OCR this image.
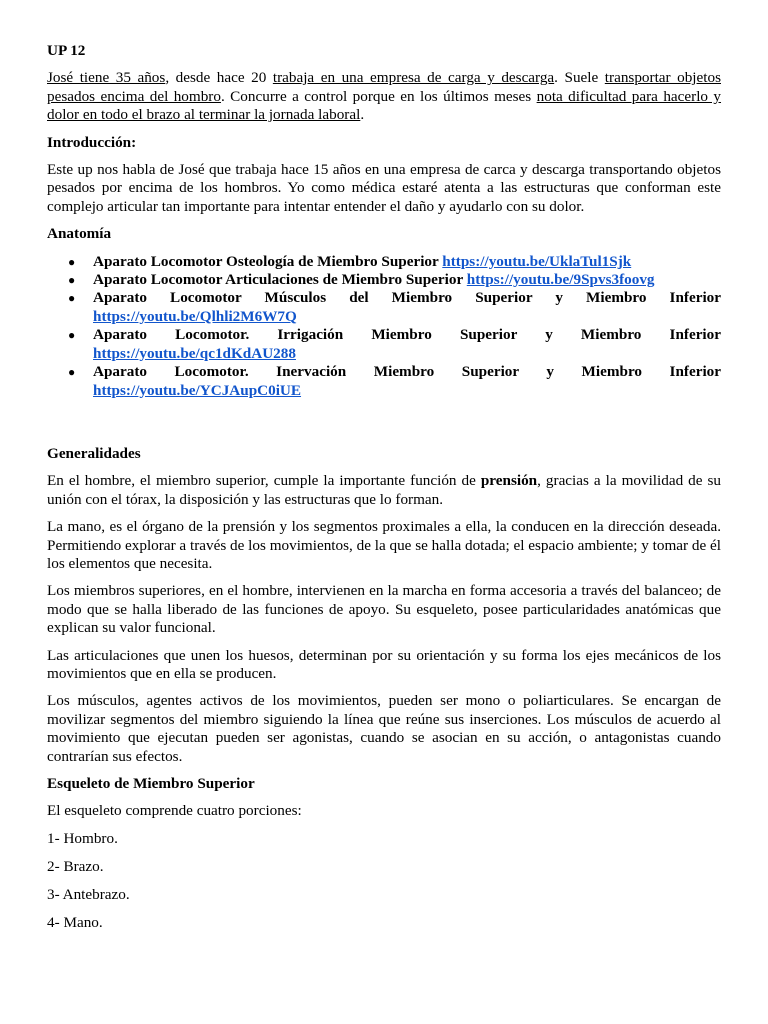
UP 12

José tiene 35 años, desde hace 20 trabaja en una empresa de carga y descarga. Suele transportar objetos pesados encima del hombro. Concurre a control porque en los últimos meses nota dificultad para hacerlo y dolor en todo el brazo al terminar la jornada laboral.

Introducción:

Este up nos habla de José que trabaja hace 15 años en una empresa de carca y descarga transportando objetos pesados por encima de los hombros. Yo como médica estaré atenta a las estructuras que conforman este complejo articular tan importante para intentar entender el daño y ayudarlo con su dolor.

Anatomía
● Aparato Locomotor Osteología de Miembro Superior https://youtu.be/UklaTul1Sjk
● Aparato Locomotor Articulaciones de Miembro Superior https://youtu.be/9Spvs3foovg
● Aparato Locomotor Músculos del Miembro Superior y Miembro Inferior
https://youtu.be/Qlhli2M6W7Q
● Aparato Locomotor. Irrigación Miembro Superior y Miembro Inferior
https://youtu.be/qc1dKdAU288
● Aparato Locomotor. Inervación Miembro Superior y Miembro Inferior
https://youtu.be/YCJAupC0iUE
Generalidades

En el hombre, el miembro superior, cumple la importante función de prensión, gracias a la movilidad de su unión con el tórax, la disposición y las estructuras que lo forman.

La mano, es el órgano de la prensión y los segmentos proximales a ella, la conducen en la dirección deseada. Permitiendo explorar a través de los movimientos, de la que se halla dotada; el espacio ambiente; y tomar de él los elementos que necesita.

Los miembros superiores, en el hombre, intervienen en la marcha en forma accesoria a través del balanceo; de modo que se halla liberado de las funciones de apoyo. Su esqueleto, posee particularidades anatómicas que explican su valor funcional.

Las articulaciones que unen los huesos, determinan por su orientación y su forma los ejes mecánicos de los movimientos que en ella se producen.

Los músculos, agentes activos de los movimientos, pueden ser mono o poliarticulares. Se encargan de movilizar segmentos del miembro siguiendo la línea que reúne sus inserciones. Los músculos de acuerdo al movimiento que ejecutan pueden ser agonistas, cuando se asocian en su acción, o antagonistas cuando contrarían sus efectos.

Esqueleto de Miembro Superior

El esqueleto comprende cuatro porciones:

1- Hombro.

2- Brazo.

3- Antebrazo.

4- Mano.
